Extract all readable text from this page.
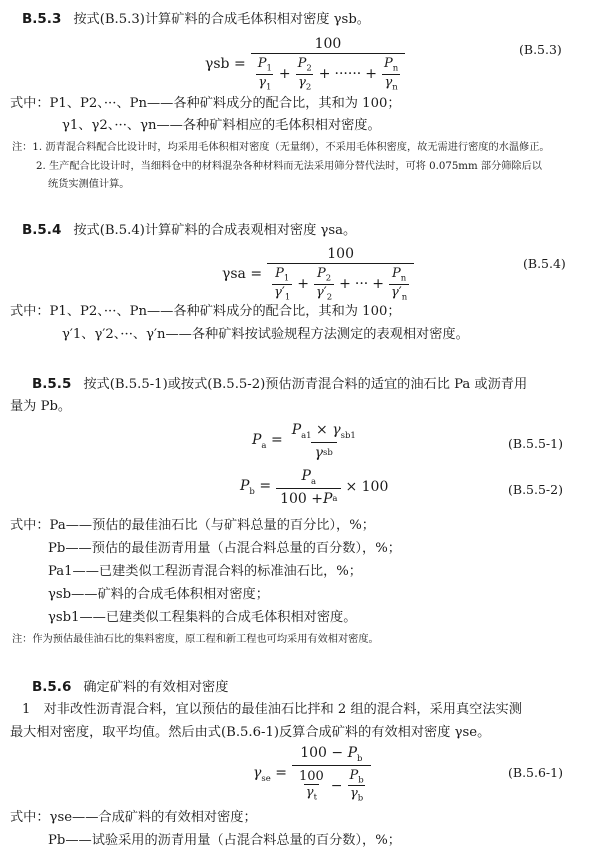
B.5.3 按式(B.5.3)计算矿料的合成毛体积相对密度 γsb。
γsb =
100
$P_1$
$\gamma_1$
+ $\frac{P_2}{\gamma_2}$ + ······ + $\frac{P_n}{\gamma_n}$
(B.5.3)
式中：P1、P2、···、Pn——各种矿料成分的配合比，其和为 100；
γ1、γ2、···、γn——各种矿料相应的毛体积相对密度。
注：1. 沥青混合料配合比设计时，均采用毛体积相对密度（无量纲），不采用毛体积密度，故无需进行密度的水温修正。
2. 生产配合比设计时，当细料仓中的材料混杂各种材料而无法采用筛分替代法时，可将 0.075mm 部分筛除后以
统货实测值计算。
B.5.4 按式(B.5.4)计算矿料的合成表观相对密度 γsa。
γsa =
100
$P_1$
$\gamma'_1$
+ $\frac{P_2}{\gamma'_2}$ + ··· + $\frac{P_n}{\gamma'_n}$
(B.5.4)
式中：P1、P2、···、Pn——各种矿料成分的配合比，其和为 100；
γ′1、γ′2、···、γ′n——各种矿料按试验规程方法测定的表观相对密度。
B.5.5 按式(B.5.5-1)或按式(B.5.5-2)预估沥青混合料的适宜的油石比 Pa 或沥青用
量为 Pb。
$P_a = \frac{P_{a1} \times \gamma_{sb1}}{\text{γ sb}}$	(B.5.5-1)
$P_b = \frac{P_a}{\text{100 + P a}} \times 100$	(B.5.5-2)
式中：Pa——预估的最佳油石比（与矿料总量的百分比），%；
Pb——预估的最佳沥青用量（占混合料总量的百分数），%；
Pa1——已建类似工程沥青混合料的标准油石比，%；
γsb——矿料的合成毛体积相对密度；
γsb1——已建类似工程集料的合成毛体积相对密度。
注：作为预估最佳油石比的集料密度，原工程和新工程也可均采用有效相对密度。
B.5.6 确定矿料的有效相对密度
1　对非改性沥青混合料，宜以预估的最佳油石比拌和 2 组的混合料，采用真空法实测
最大相对密度，取平均值。然后由式(B.5.6-1)反算合成矿料的有效相对密度 γse。
$\gamma_{se} = 100 - P_b$
100
$\gamma_t$
− $\frac{P_b}{\gamma_b}$	(B.5.6-1)
式中：γse——合成矿料的有效相对密度；
Pb——试验采用的沥青用量（占混合料总量的百分数），%；
